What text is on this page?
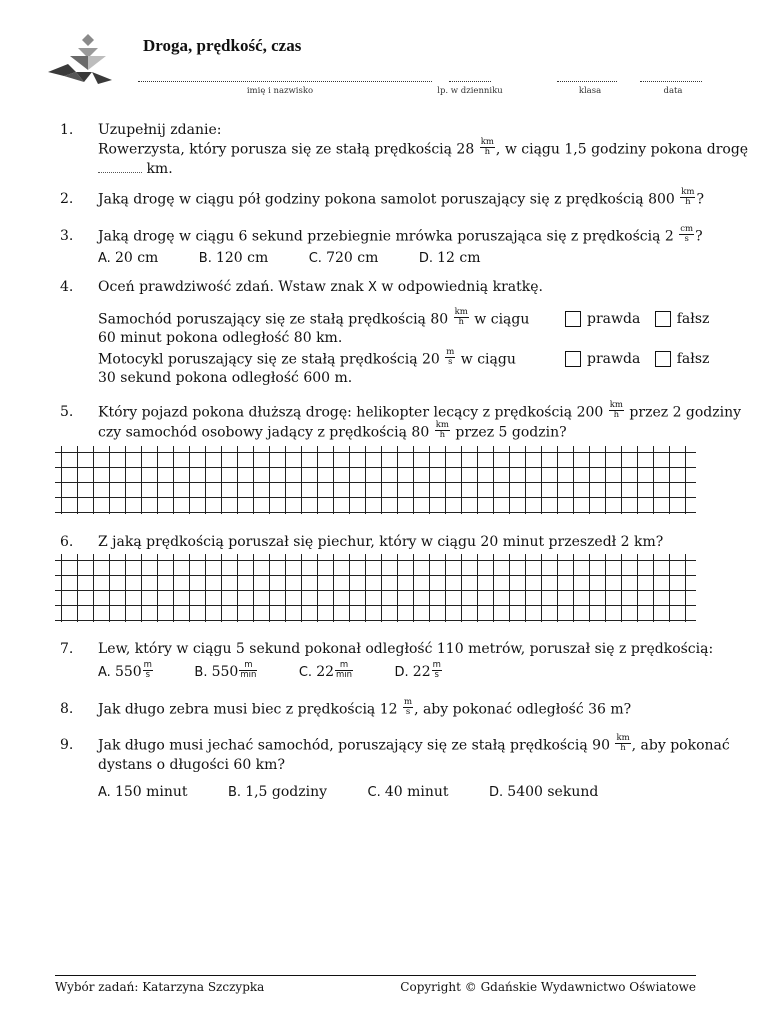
Droga, prędkość, czas
imię i nazwisko	lp. w dzienniku	klasa	data
1. Uzupełnij zdanie:
Rowerzysta, który porusza się ze stałą prędkością $28 \frac{km}{h}$ , w ciągu 1,5 godziny pokona drogę
km.
2. Jaką drogę w ciągu pół godziny pokona samolot poruszający się z prędkością $800 \frac{km}{h}$ ?
3. Jaką drogę w ciągu 6 sekund przebiegnie mrówka poruszająca się z prędkością $2 \frac{cm}{s}$ ?
A. 20 cm	B. 120 cm	C. 720 cm	D. 12 cm
4. Oceń prawdziwość zdań. Wstaw znak X w odpowiednią kratkę.
Samochód poruszający się ze stałą prędkością $80 \frac{km}{h}$ w ciągu
60 minut pokona odległość 80 km.
prawda	fałsz
Motocykl poruszający się ze stałą prędkością $20 \frac{m}{s}$ w ciągu
30 sekund pokona odległość 600 m.
prawda	fałsz
5. Który pojazd pokona dłuższą drogę: helikopter lecący z prędkością $200 \frac{km}{h}$ przez 2 godziny
czy samochód osobowy jadący z prędkością $80 \frac{km}{h}$ przez 5 godzin?
6. Z jaką prędkością poruszał się piechur, który w ciągu 20 minut przeszedł 2 km?
7. Lew, który w ciągu 5 sekund pokonał odległość 110 metrów, poruszał się z prędkością:
A. $550 \frac{m}{s}$	B. $550 \frac{m}{\min}$	C. $22 \frac{m}{\min}$	D. $22 \frac{m}{s}$
8. Jak długo zebra musi biec z prędkością $12 \frac{m}{s}$ , aby pokonać odległość 36 m?
9. Jak długo musi jechać samochód, poruszający się ze stałą prędkością $90 \frac{km}{h}$ , aby pokonać
dystans o długości 60 km?
A. 150 minut	B. 1,5 godziny	C. 40 minut	D. 5400 sekund
Wybór zadań: Katarzyna Szczypka	Copyright © Gdańskie Wydawnictwo Oświatowe
